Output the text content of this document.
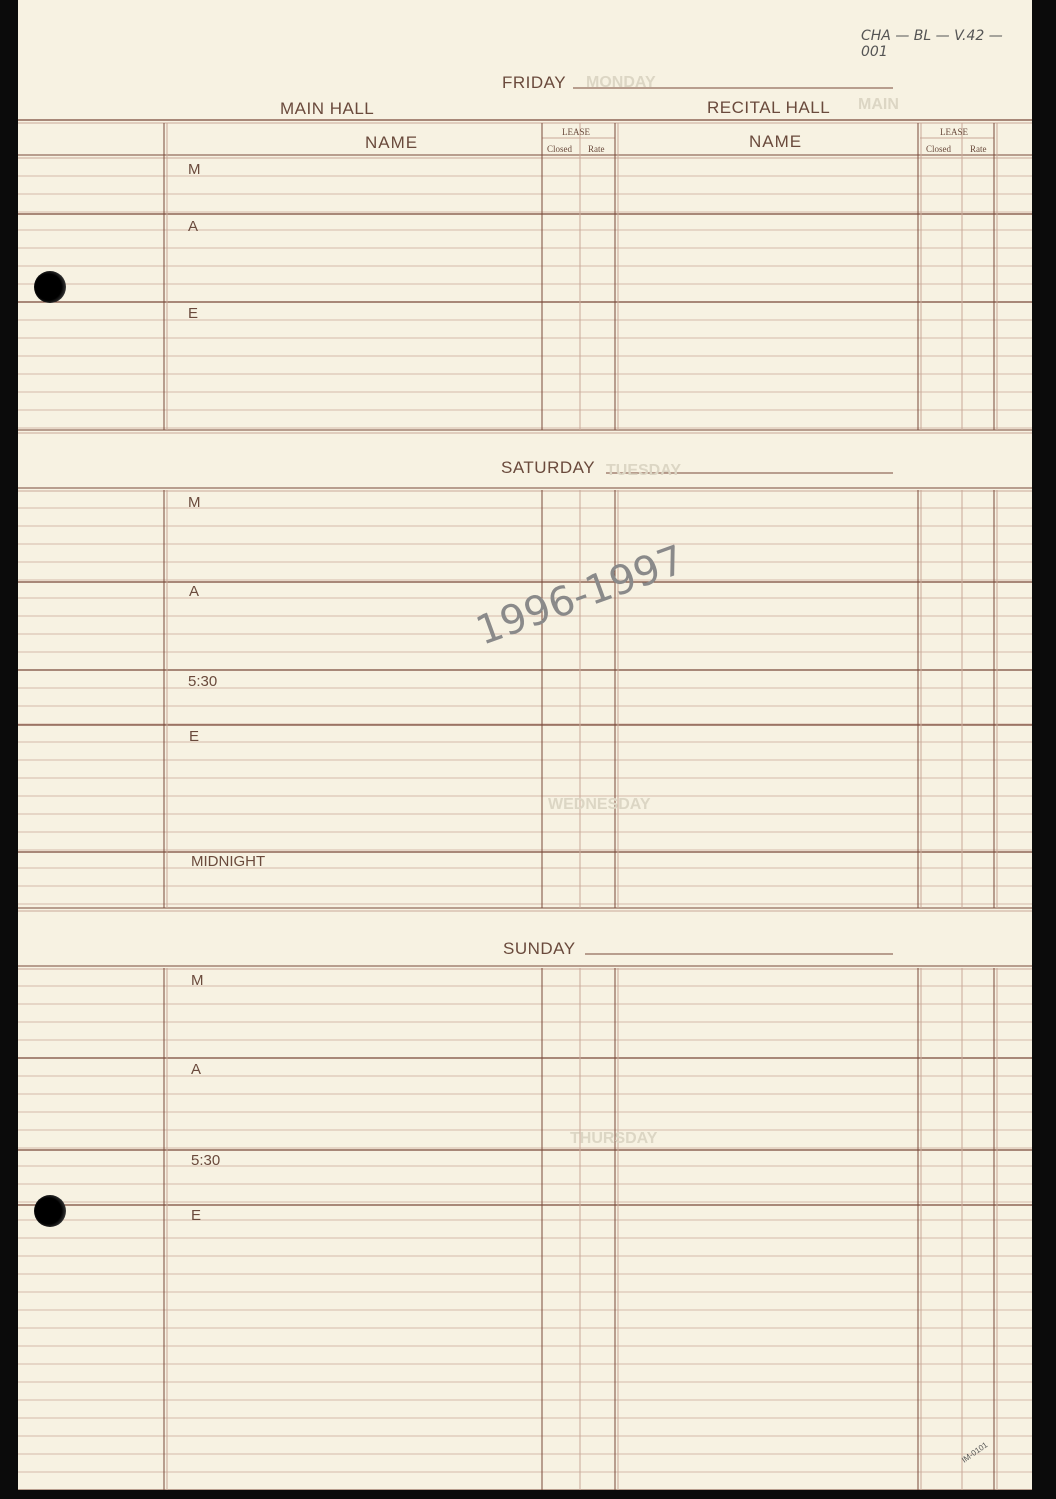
MONDAY
MAIN
TUESDAY
WEDNESDAY
THURSDAY
CHA — BL — V.42 — 001
FRIDAY
MAIN HALL	RECITAL HALL
NAME	NAME
LEASE
Closed Rate
LEASE
Closed Rate
M
A
E
SATURDAY
M
A
5:30
E
MIDNIGHT
SUNDAY
M
A
5:30
E
1996-1997
IM-0101
